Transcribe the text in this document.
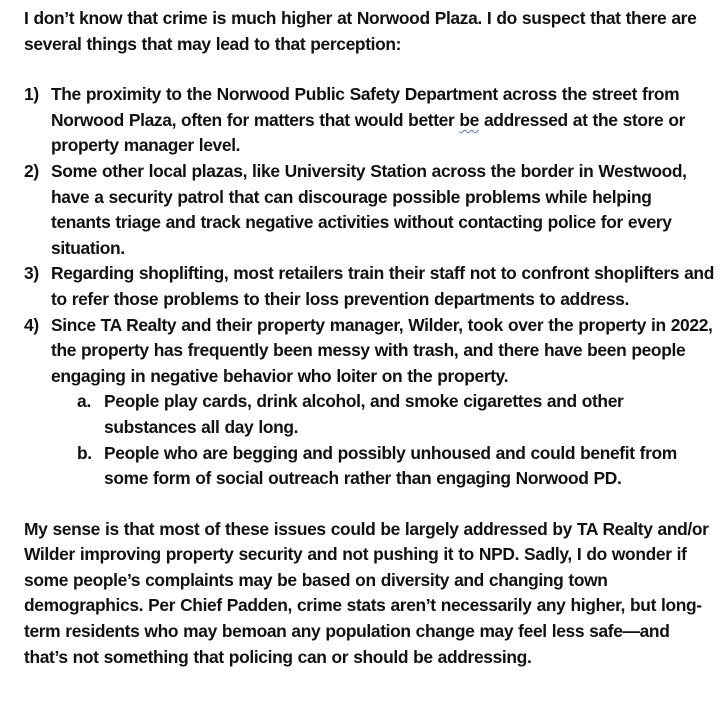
I don’t know that crime is much higher at Norwood Plaza. I do suspect that there are several things that may lead to that perception:

1) The proximity to the Norwood Public Safety Department across the street from Norwood Plaza, often for matters that would better be addressed at the store or property manager level.
2) Some other local plazas, like University Station across the border in Westwood, have a security patrol that can discourage possible problems while helping tenants triage and track negative activities without contacting police for every situation.
3) Regarding shoplifting, most retailers train their staff not to confront shoplifters and to refer those problems to their loss prevention departments to address.
4) Since TA Realty and their property manager, Wilder, took over the property in 2022, the property has frequently been messy with trash, and there have been people engaging in negative behavior who loiter on the property.
a. People play cards, drink alcohol, and smoke cigarettes and other substances all day long.
b. People who are begging and possibly unhoused and could benefit from some form of social outreach rather than engaging Norwood PD.

My sense is that most of these issues could be largely addressed by TA Realty and/or Wilder improving property security and not pushing it to NPD. Sadly, I do wonder if some people’s complaints may be based on diversity and changing town demographics. Per Chief Padden, crime stats aren’t necessarily any higher, but long-term residents who may bemoan any population change may feel less safe—and that’s not something that policing can or should be addressing.
